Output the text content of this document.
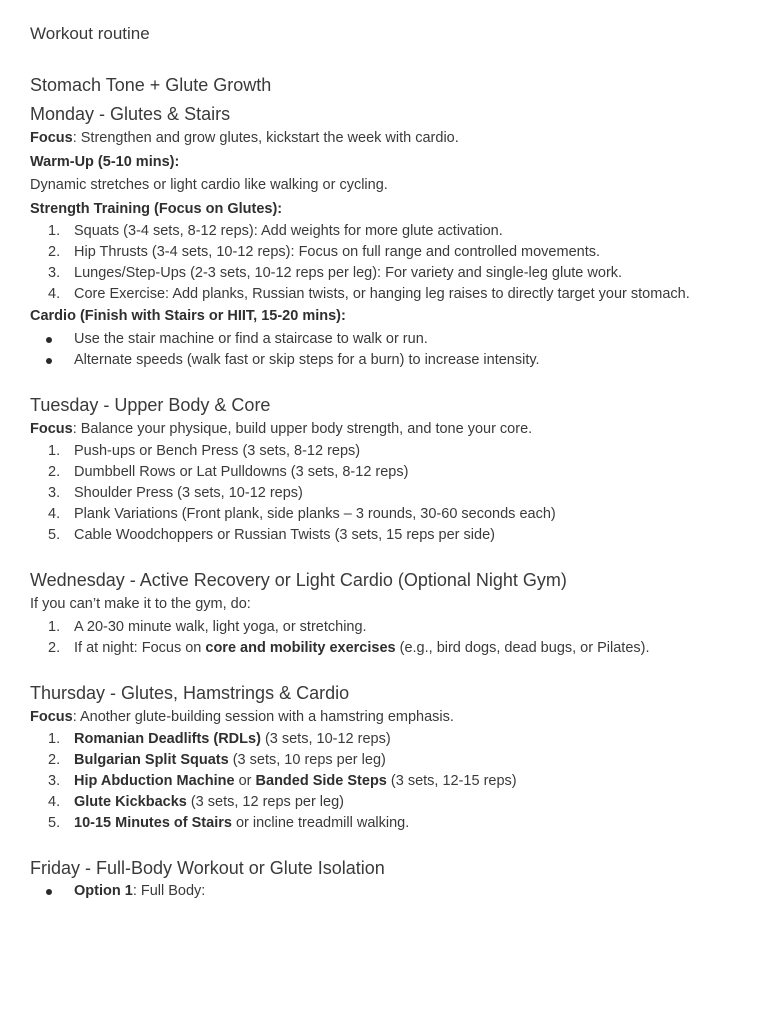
Workout routine
Stomach Tone + Glute Growth
Monday - Glutes & Stairs

Focus: Strengthen and grow glutes, kickstart the week with cardio.

Warm-Up (5-10 mins):

Dynamic stretches or light cardio like walking or cycling.

Strength Training (Focus on Glutes):

1. Squats (3-4 sets, 8-12 reps): Add weights for more glute activation.
2. Hip Thrusts (3-4 sets, 10-12 reps): Focus on full range and controlled movements.
3. Lunges/Step-Ups (2-3 sets, 10-12 reps per leg): For variety and single-leg glute work.
4. Core Exercise: Add planks, Russian twists, or hanging leg raises to directly target your stomach.

Cardio (Finish with Stairs or HIIT, 15-20 mins):

Use the stair machine or find a staircase to walk or run.
Alternate speeds (walk fast or skip steps for a burn) to increase intensity.
Tuesday - Upper Body & Core

Focus: Balance your physique, build upper body strength, and tone your core.

1. Push-ups or Bench Press (3 sets, 8-12 reps)
2. Dumbbell Rows or Lat Pulldowns (3 sets, 8-12 reps)
3. Shoulder Press (3 sets, 10-12 reps)
4. Plank Variations (Front plank, side planks – 3 rounds, 30-60 seconds each)
5. Cable Woodchoppers or Russian Twists (3 sets, 15 reps per side)
Wednesday - Active Recovery or Light Cardio (Optional Night Gym)

If you can’t make it to the gym, do:

1. A 20-30 minute walk, light yoga, or stretching.
2. If at night: Focus on core and mobility exercises (e.g., bird dogs, dead bugs, or Pilates).
Thursday - Glutes, Hamstrings & Cardio

Focus: Another glute-building session with a hamstring emphasis.

1. Romanian Deadlifts (RDLs) (3 sets, 10-12 reps)
2. Bulgarian Split Squats (3 sets, 10 reps per leg)
3. Hip Abduction Machine or Banded Side Steps (3 sets, 12-15 reps)
4. Glute Kickbacks (3 sets, 12 reps per leg)
5. 10-15 Minutes of Stairs or incline treadmill walking.
Friday - Full-Body Workout or Glute Isolation
Option 1: Full Body:
